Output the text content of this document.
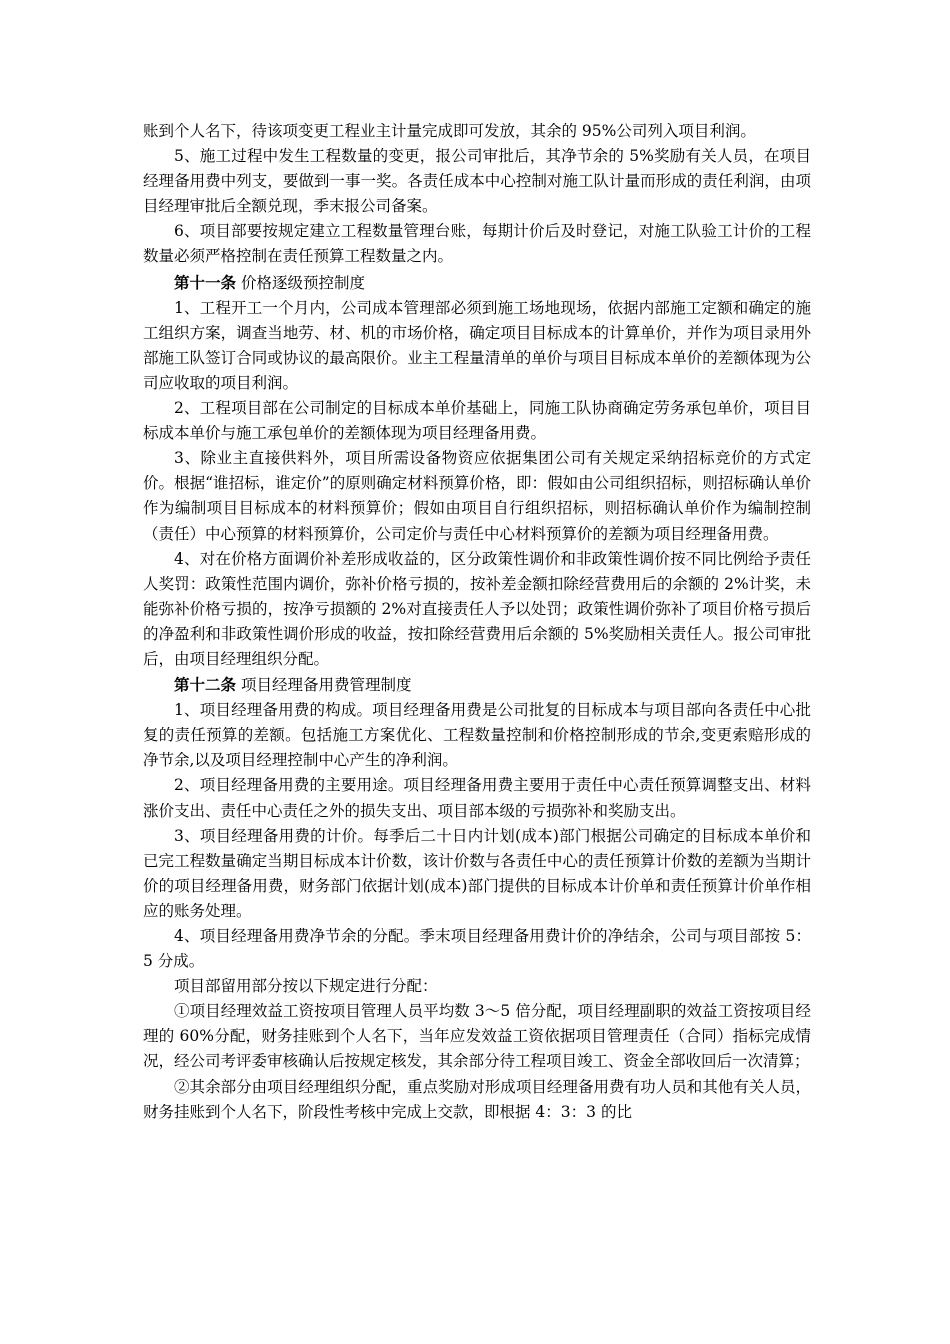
账到个人名下，待该项变更工程业主计量完成即可发放，其余的 95%公司列入项目利润。

5、施工过程中发生工程数量的变更，报公司审批后，其净节余的 5%奖励有关人员，在项目经理备用费中列支，要做到一事一奖。各责任成本中心控制对施工队计量而形成的责任利润，由项目经理审批后全额兑现，季末报公司备案。

6、项目部要按规定建立工程数量管理台账，每期计价后及时登记，对施工队验工计价的工程数量必须严格控制在责任预算工程数量之内。

第十一条 价格逐级预控制度

1、工程开工一个月内，公司成本管理部必须到施工场地现场，依据内部施工定额和确定的施工组织方案，调查当地劳、材、机的市场价格，确定项目目标成本的计算单价，并作为项目录用外部施工队签订合同或协议的最高限价。业主工程量清单的单价与项目目标成本单价的差额体现为公司应收取的项目利润。

2、工程项目部在公司制定的目标成本单价基础上，同施工队协商确定劳务承包单价，项目目标成本单价与施工承包单价的差额体现为项目经理备用费。

3、除业主直接供料外，项目所需设备物资应依据集团公司有关规定采纳招标竞价的方式定价。根据“谁招标，谁定价”的原则确定材料预算价格，即：假如由公司组织招标，则招标确认单价作为编制项目目标成本的材料预算价；假如由项目自行组织招标，则招标确认单价作为编制控制（责任）中心预算的材料预算价，公司定价与责任中心材料预算价的差额为项目经理备用费。

4、对在价格方面调价补差形成收益的，区分政策性调价和非政策性调价按不同比例给予责任人奖罚：政策性范围内调价，弥补价格亏损的，按补差金额扣除经营费用后的余额的 2%计奖，未能弥补价格亏损的，按净亏损额的 2%对直接责任人予以处罚；政策性调价弥补了项目价格亏损后的净盈利和非政策性调价形成的收益，按扣除经营费用后余额的 5%奖励相关责任人。报公司审批后，由项目经理组织分配。

第十二条 项目经理备用费管理制度

1、项目经理备用费的构成。项目经理备用费是公司批复的目标成本与项目部向各责任中心批复的责任预算的差额。包括施工方案优化、工程数量控制和价格控制形成的节余,变更索赔形成的净节余,以及项目经理控制中心产生的净利润。

2、项目经理备用费的主要用途。项目经理备用费主要用于责任中心责任预算调整支出、材料涨价支出、责任中心责任之外的损失支出、项目部本级的亏损弥补和奖励支出。

3、项目经理备用费的计价。每季后二十日内计划(成本)部门根据公司确定的目标成本单价和已完工程数量确定当期目标成本计价数，该计价数与各责任中心的责任预算计价数的差额为当期计价的项目经理备用费，财务部门依据计划(成本)部门提供的目标成本计价单和责任预算计价单作相应的账务处理。

4、项目经理备用费净节余的分配。季末项目经理备用费计价的净结余，公司与项目部按 5：5 分成。

项目部留用部分按以下规定进行分配：

①项目经理效益工资按项目管理人员平均数 3～5 倍分配，项目经理副职的效益工资按项目经理的 60%分配，财务挂账到个人名下，当年应发效益工资依据项目管理责任（合同）指标完成情况，经公司考评委审核确认后按规定核发，其余部分待工程项目竣工、资金全部收回后一次清算；

②其余部分由项目经理组织分配，重点奖励对形成项目经理备用费有功人员和其他有关人员，财务挂账到个人名下，阶段性考核中完成上交款，即根据 4：3：3 的比
